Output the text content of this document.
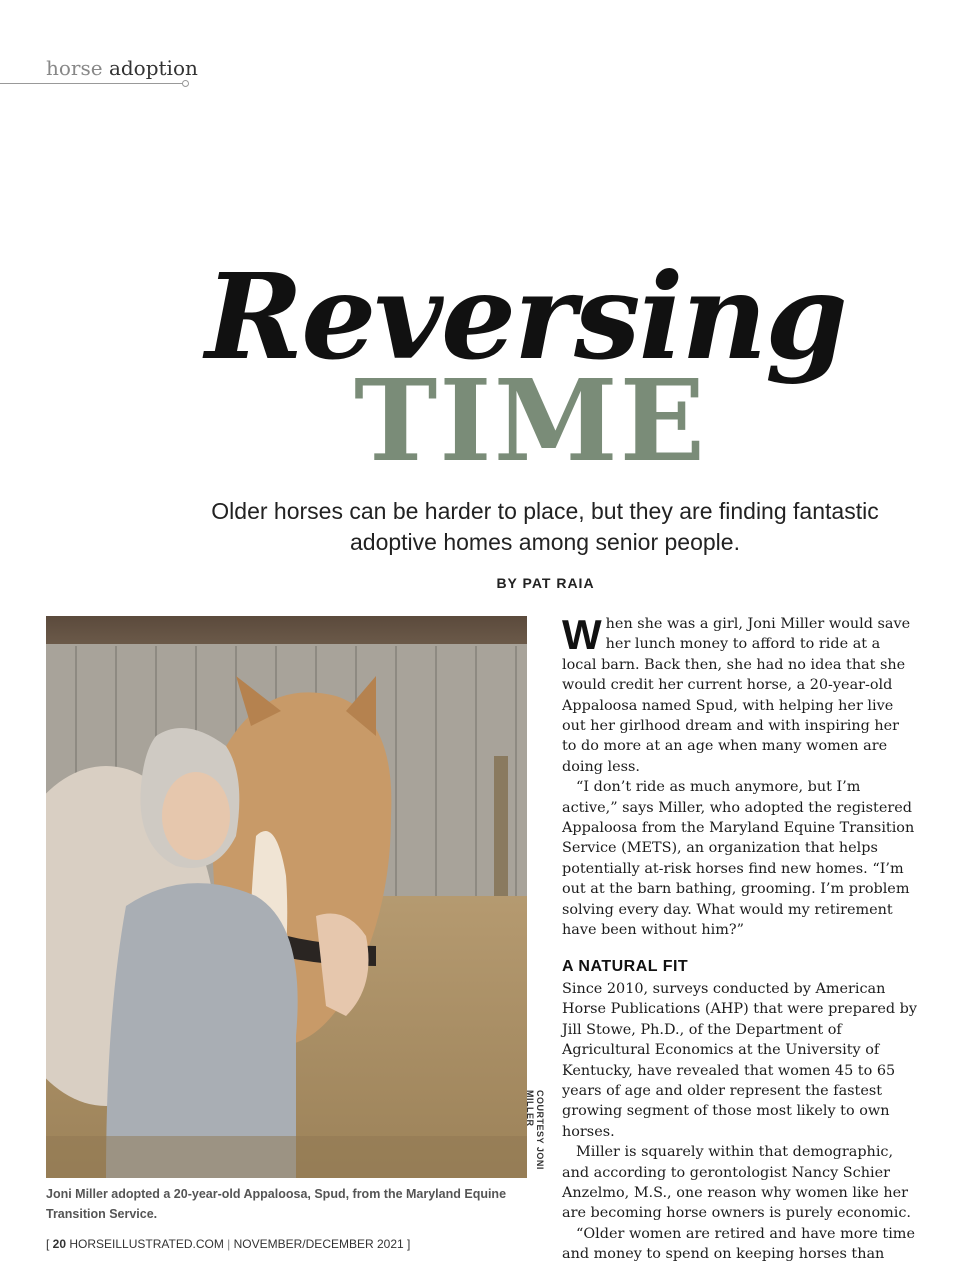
horse adoption
Reversing
TIME
Older horses can be harder to place, but they are finding fantastic adoptive homes among senior people.
BY PAT RAIA
COURTESY JONI MILLER
Joni Miller adopted a 20-year-old Appaloosa, Spud, from the Maryland Equine Transition Service.

When she was a girl, Joni Miller would save her lunch money to afford to ride at a local barn. Back then, she had no idea that she would credit her current horse, a 20-year-old Appaloosa named Spud, with helping her live out her girlhood dream and with inspiring her to do more at an age when many women are doing less.

“I don’t ride as much anymore, but I’m active,” says Miller, who adopted the registered Appaloosa from the Maryland Equine Transition Service (METS), an organization that helps potentially at-risk horses find new homes. “I’m out at the barn bathing, grooming. I’m problem solving every day. What would my retirement have been without him?”

A NATURAL FIT

Since 2010, surveys conducted by American Horse Publications (AHP) that were prepared by Jill Stowe, Ph.D., of the Department of Agricultural Economics at the University of Kentucky, have revealed that women 45 to 65 years of age and older represent the fastest growing segment of those most likely to own horses.

Miller is squarely within that demographic, and according to gerontologist Nancy Schier Anzelmo, M.S., one reason why women like her are becoming horse owners is purely economic.

“Older women are retired and have more time and money to spend on keeping horses than

[ 20 HORSEILLUSTRATED.COM | NOVEMBER/DECEMBER 2021 ]
